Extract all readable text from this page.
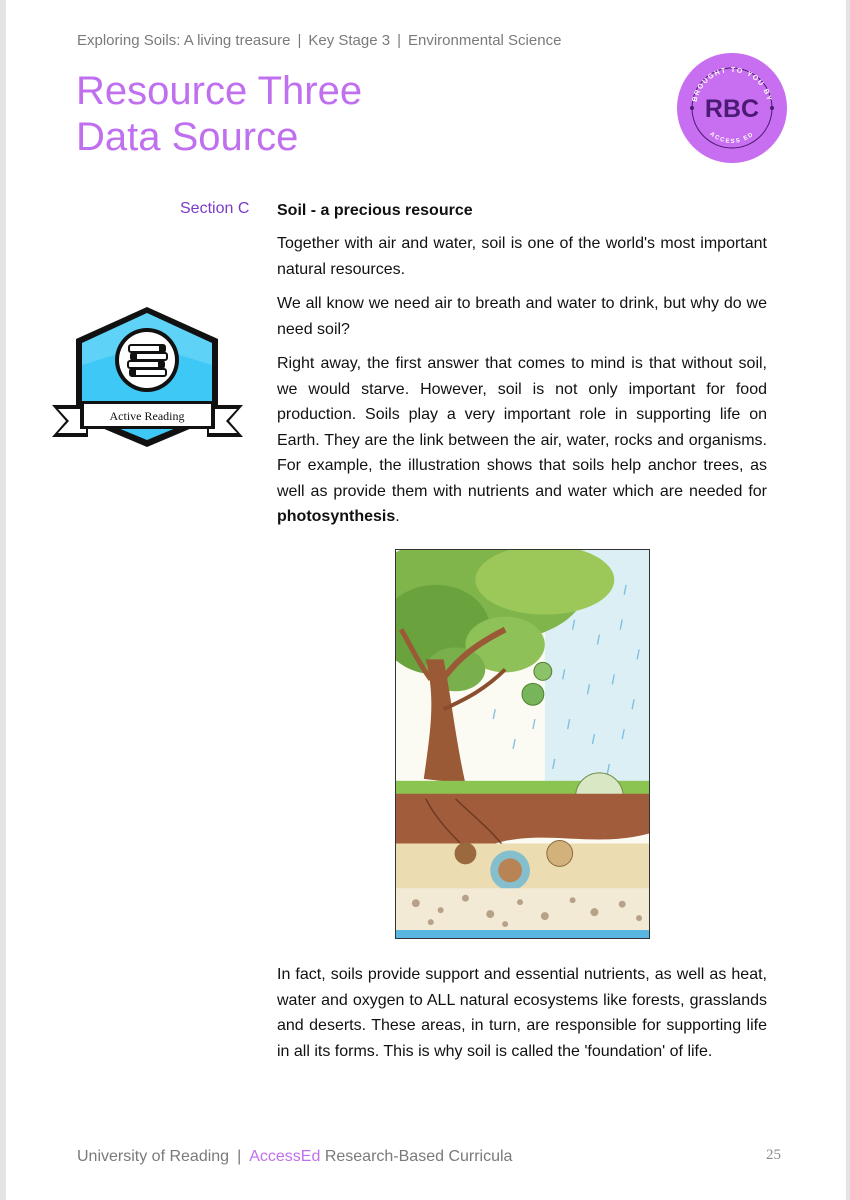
Exploring Soils: A living treasure | Key Stage 3 | Environmental Science
Resource Three
Data Source
BROUGHT TO YOU BY
ACCESS ED
RBC
Section C
Active Reading
Soil - a precious resource

Together with air and water, soil is one of the world's most important natural resources.

We all know we need air to breath and water to drink, but why do we need soil?

Right away, the first answer that comes to mind is that without soil, we would starve. However, soil is not only important for food production. Soils play a very important role in supporting life on Earth. They are the link between the air, water, rocks and organisms. For example, the illustration shows that soils help anchor trees, as well as provide them with nutrients and water which are needed for photosynthesis.

In fact, soils provide support and essential nutrients, as well as heat, water and oxygen to ALL natural ecosystems like forests, grasslands and deserts. These areas, in turn, are responsible for supporting life in all its forms. This is why soil is called the 'foundation' of life.

University of Reading | AccessEd Research-Based Curricula	25
